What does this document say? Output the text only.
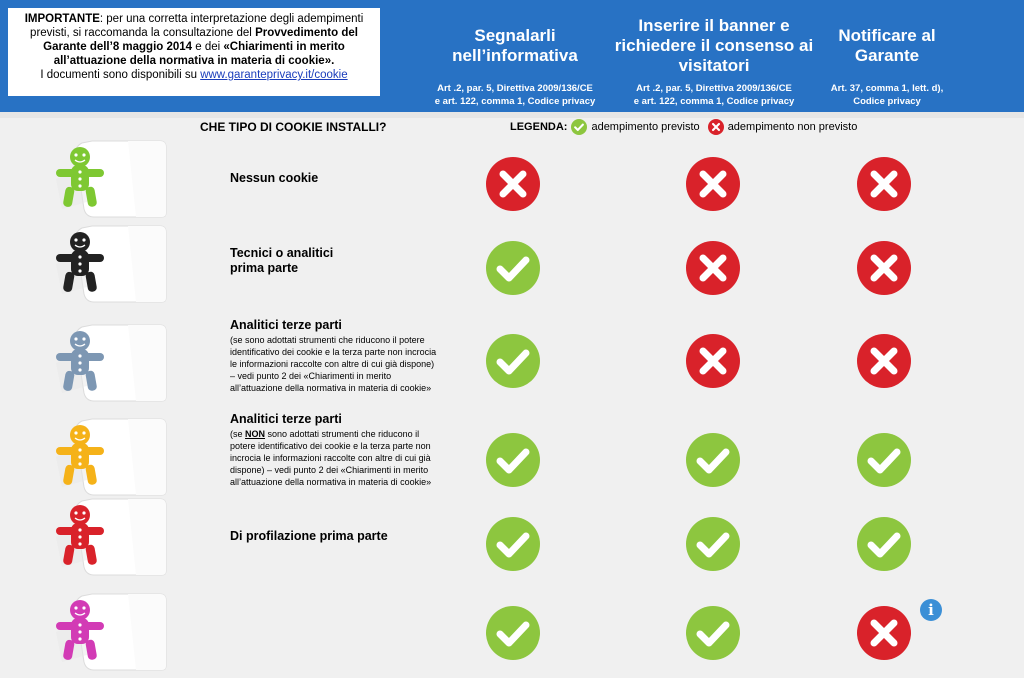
IMPORTANTE: per una corretta interpretazione degli adempimenti previsti, si raccomanda la consultazione del Provvedimento del Garante dell’8 maggio 2014 e dei «Chiarimenti in merito all’attuazione della normativa in materia di cookie».
I documenti sono disponibili su www.garanteprivacy.it/cookie
Segnalarli nell’informativa
Art .2, par. 5, Direttiva 2009/136/CE
e art. 122, comma 1, Codice privacy
Inserire il banner e richiedere il consenso ai visitatori
Art .2, par. 5, Direttiva 2009/136/CE
e art. 122, comma 1, Codice privacy
Notificare al Garante
Art. 37, comma 1, lett. d),
Codice privacy
CHE TIPO DI COOKIE INSTALLI?	LEGENDA: adempimento previsto	adempimento non previsto
Nessun cookie
Tecnici o analitici prima parte
Analitici terze parti
(se sono adottati strumenti che riducono il potere identificativo dei cookie e la terza parte non incrocia le informazioni raccolte con altre di cui già dispone) – vedi punto 2 dei «Chiarimenti in merito all’attuazione della normativa in materia di cookie»
Analitici terze parti
(se NON sono adottati strumenti che riducono il potere identificativo dei cookie e la terza parte non incrocia le informazioni raccolte con altre di cui già dispone) – vedi punto 2 dei «Chiarimenti in merito all’attuazione della normativa in materia di cookie»
Di profilazione prima parte
i
